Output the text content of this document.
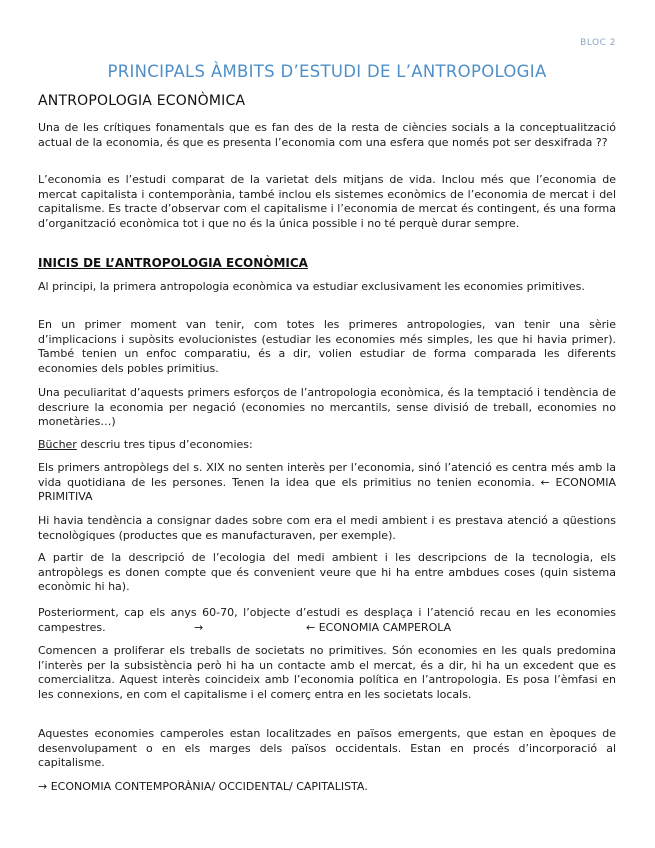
BLOC 2
PRINCIPALS ÀMBITS D’ESTUDI DE L’ANTROPOLOGIA
ANTROPOLOGIA ECONÒMICA

Una de les crítiques fonamentals que es fan des de la resta de ciències socials a la conceptualització actual de la economia, és que es presenta l’economia com una esfera que només pot ser desxifrada ??

L’economia es l’estudi comparat de la varietat dels mitjans de vida. Inclou més que l’economia de mercat capitalista i contemporània, també inclou els sistemes econòmics de l’economia de mercat i del capitalisme. Es tracte d’observar com el capitalisme i l’economia de mercat és contingent, és una forma d’organització econòmica tot i que no és la única possible i no té perquè durar sempre.

INICIS DE L’ANTROPOLOGIA ECONÒMICA

Al principi, la primera antropologia econòmica va estudiar exclusivament les economies primitives.

En un primer moment van tenir, com totes les primeres antropologies, van tenir una sèrie d’implicacions i supòsits evolucionistes (estudiar les economies més simples, les que hi havia primer). També tenien un enfoc comparatiu, és a dir, volien estudiar de forma comparada les diferents economies dels pobles primitius.

Una peculiaritat d’aquests primers esforços de l’antropologia econòmica, és la temptació i tendència de descriure la economia per negació (economies no mercantils, sense divisió de treball, economies no monetàries…)

Bücher descriu tres tipus d’economies:

Els primers antropòlegs del s. XIX no senten interès per l’economia, sinó l’atenció es centra més amb la vida quotidiana de les persones. Tenen la idea que els primitius no tenien economia. ← ECONOMIA PRIMITIVA

Hi havia tendència a consignar dades sobre com era el medi ambient i es prestava atenció a qüestions tecnològiques (productes que es manufacturaven, per exemple).

A partir de la descripció de l’ecologia del medi ambient i les descripcions de la tecnologia, els antropòlegs es donen compte que és convenient veure que hi ha entre ambdues coses (quin sistema econòmic hi ha).

Posteriorment, cap els anys 60-70, l’objecte d’estudi es desplaça i l’atenció recau en les economies campestres.	→	← ECONOMIA CAMPEROLA

Comencen a proliferar els treballs de societats no primitives. Són economies en les quals predomina l’interès per la subsistència però hi ha un contacte amb el mercat, és a dir, hi ha un excedent que es comercialitza. Aquest interès coincideix amb l’economia política en l’antropologia. Es posa l’èmfasi en les connexions, en com el capitalisme i el comerç entra en les societats locals.

Aquestes economies camperoles estan localitzades en països emergents, que estan en èpoques de desenvolupament o en els marges dels països occidentals. Estan en procés d’incorporació al capitalisme.

→ ECONOMIA CONTEMPORÀNIA/ OCCIDENTAL/ CAPITALISTA.
